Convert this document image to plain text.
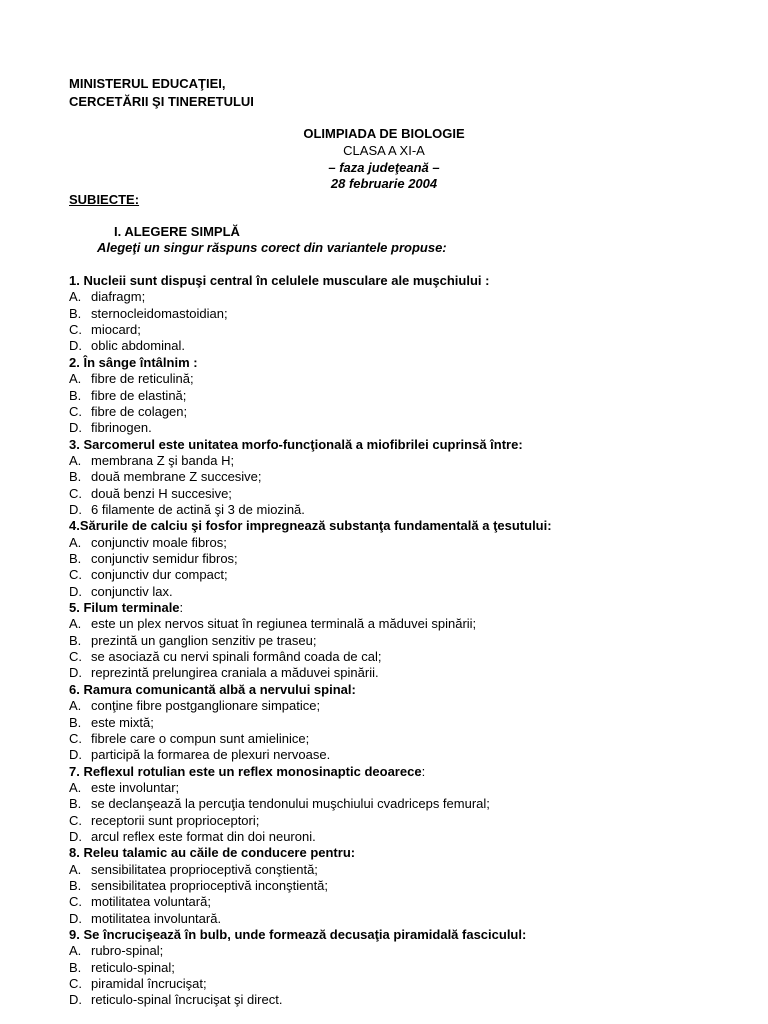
MINISTERUL EDUCAŢIEI,
CERCETĂRII ŞI TINERETULUI
OLIMPIADA DE BIOLOGIE
CLASA A XI-A
– faza judeţeană –
28 februarie 2004
SUBIECTE:
I. ALEGERE SIMPLĂ
Alegeţi un singur răspuns corect din variantele propuse:
1. Nucleii sunt dispuşi central în celulele musculare ale muşchiului :
A. diafragm;
B. sternocleidomastoidian;
C. miocard;
D. oblic abdominal.
2. În sânge întâlnim :
A. fibre de reticulină;
B. fibre de elastină;
C. fibre de colagen;
D. fibrinogen.
3. Sarcomerul este unitatea morfo-funcţională a miofibrilei cuprinsă între:
A. membrana Z şi banda H;
B. două membrane Z succesive;
C. două benzi H succesive;
D. 6 filamente de actină şi 3 de miozină.
4.Sărurile de calciu şi fosfor impregnează substanţa fundamentală a ţesutului:
A. conjunctiv moale fibros;
B. conjunctiv semidur fibros;
C. conjunctiv dur compact;
D. conjunctiv lax.
5. Filum terminale:
A. este un plex nervos situat în regiunea terminală a măduvei spinării;
B. prezintă un ganglion senzitiv pe traseu;
C. se asociază cu nervi spinali formând coada de cal;
D. reprezintă prelungirea craniala a măduvei spinării.
6. Ramura comunicantă albă a nervului spinal:
A. conţine fibre postganglionare simpatice;
B. este mixtă;
C. fibrele care o compun sunt amielinice;
D. participă la formarea de plexuri nervoase.
7. Reflexul rotulian este un reflex monosinaptic deoarece:
A. este involuntar;
B. se declanşează la percuţia tendonului muşchiului cvadriceps femural;
C. receptorii sunt proprioceptori;
D. arcul reflex este format din doi neuroni.
8. Releu talamic au căile de conducere pentru:
A. sensibilitatea proprioceptivă conştientă;
B. sensibilitatea proprioceptivă inconştientă;
C. motilitatea voluntară;
D. motilitatea involuntară.
9. Se încrucişează în bulb, unde formează decusaţia piramidală fasciculul:
A. rubro-spinal;
B. reticulo-spinal;
C. piramidal încrucişat;
D. reticulo-spinal încrucişat şi direct.
